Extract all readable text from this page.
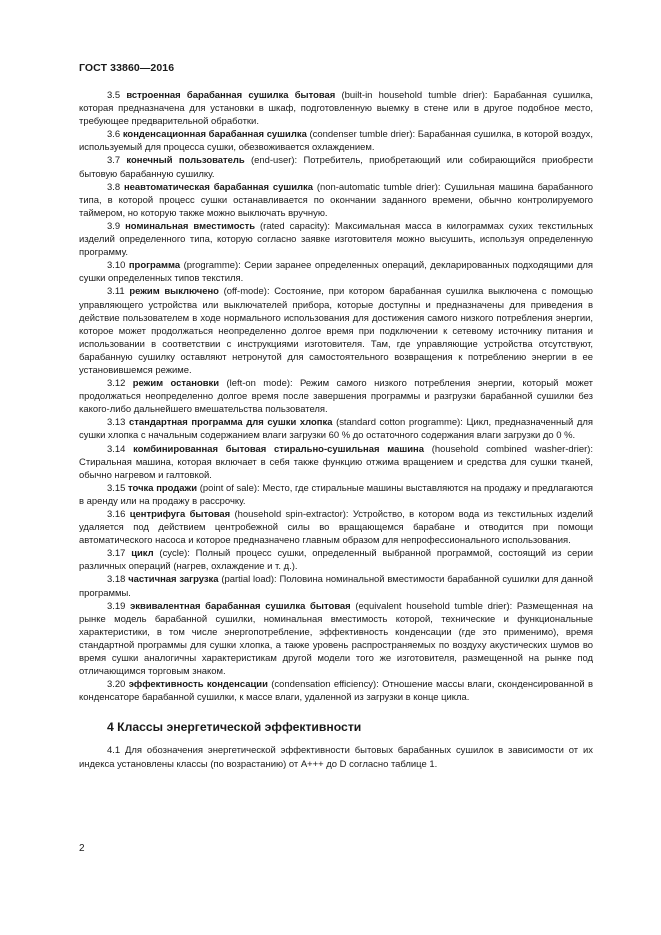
ГОСТ 33860—2016

3.5 встроенная барабанная сушилка бытовая (built-in household tumble drier): Барабанная сушилка, которая предназначена для установки в шкаф, подготовленную выемку в стене или в другое подобное место, требующее предварительной обработки.

3.6 конденсационная барабанная сушилка (condenser tumble drier): Барабанная сушилка, в которой воздух, используемый для процесса сушки, обезвоживается охлаждением.

3.7 конечный пользователь (end-user): Потребитель, приобретающий или собирающийся приобрести бытовую барабанную сушилку.

3.8 неавтоматическая барабанная сушилка (non-automatic tumble drier): Сушильная машина барабанного типа, в которой процесс сушки останавливается по окончании заданного времени, обычно контролируемого таймером, но которую также можно выключать вручную.

3.9 номинальная вместимость (rated capacity): Максимальная масса в килограммах сухих текстильных изделий определенного типа, которую согласно заявке изготовителя можно высушить, используя определенную программу.

3.10 программа (programme): Серии заранее определенных операций, декларированных подходящими для сушки определенных типов текстиля.

3.11 режим выключено (off-mode): Состояние, при котором барабанная сушилка выключена с помощью управляющего устройства или выключателей прибора, которые доступны и предназначены для приведения в действие пользователем в ходе нормального использования для достижения самого низкого потребления энергии, которое может продолжаться неопределенно долгое время при подключении к сетевому источнику питания и использовании в соответствии с инструкциями изготовителя. Там, где управляющие устройства отсутствуют, барабанную сушилку оставляют нетронутой для самостоятельного возвращения к потреблению энергии в ее установившемся режиме.

3.12 режим остановки (left-on mode): Режим самого низкого потребления энергии, который может продолжаться неопределенно долгое время после завершения программы и разгрузки барабанной сушилки без какого-либо дальнейшего вмешательства пользователя.

3.13 стандартная программа для сушки хлопка (standard cotton programme): Цикл, предназначенный для сушки хлопка с начальным содержанием влаги загрузки 60 % до остаточного содержания влаги загрузки до 0 %.

3.14 комбинированная бытовая стирально-сушильная машина (household combined washer-drier): Стиральная машина, которая включает в себя также функцию отжима вращением и средства для сушки тканей, обычно нагревом и галтовкой.

3.15 точка продажи (point of sale): Место, где стиральные машины выставляются на продажу и предлагаются в аренду или на продажу в рассрочку.

3.16 центрифуга бытовая (household spin-extractor): Устройство, в котором вода из текстильных изделий удаляется под действием центробежной силы во вращающемся барабане и отводится при помощи автоматического насоса и которое предназначено главным образом для непрофессионального использования.

3.17 цикл (cycle): Полный процесс сушки, определенный выбранной программой, состоящий из серии различных операций (нагрев, охлаждение и т. д.).

3.18 частичная загрузка (partial load): Половина номинальной вместимости барабанной сушилки для данной программы.

3.19 эквивалентная барабанная сушилка бытовая (equivalent household tumble drier): Размещенная на рынке модель барабанной сушилки, номинальная вместимость которой, технические и функциональные характеристики, в том числе энергопотребление, эффективность конденсации (где это применимо), время стандартной программы для сушки хлопка, а также уровень распространяемых по воздуху акустических шумов во время сушки аналогичны характеристикам другой модели того же изготовителя, размещенной на рынке под отличающимся торговым знаком.

3.20 эффективность конденсации (condensation efficiency): Отношение массы влаги, сконденсированной в конденсаторе барабанной сушилки, к массе влаги, удаленной из загрузки в конце цикла.

4 Классы энергетической эффективности

4.1 Для обозначения энергетической эффективности бытовых барабанных сушилок в зависимости от их индекса установлены классы (по возрастанию) от A+++ до D согласно таблице 1.

2
